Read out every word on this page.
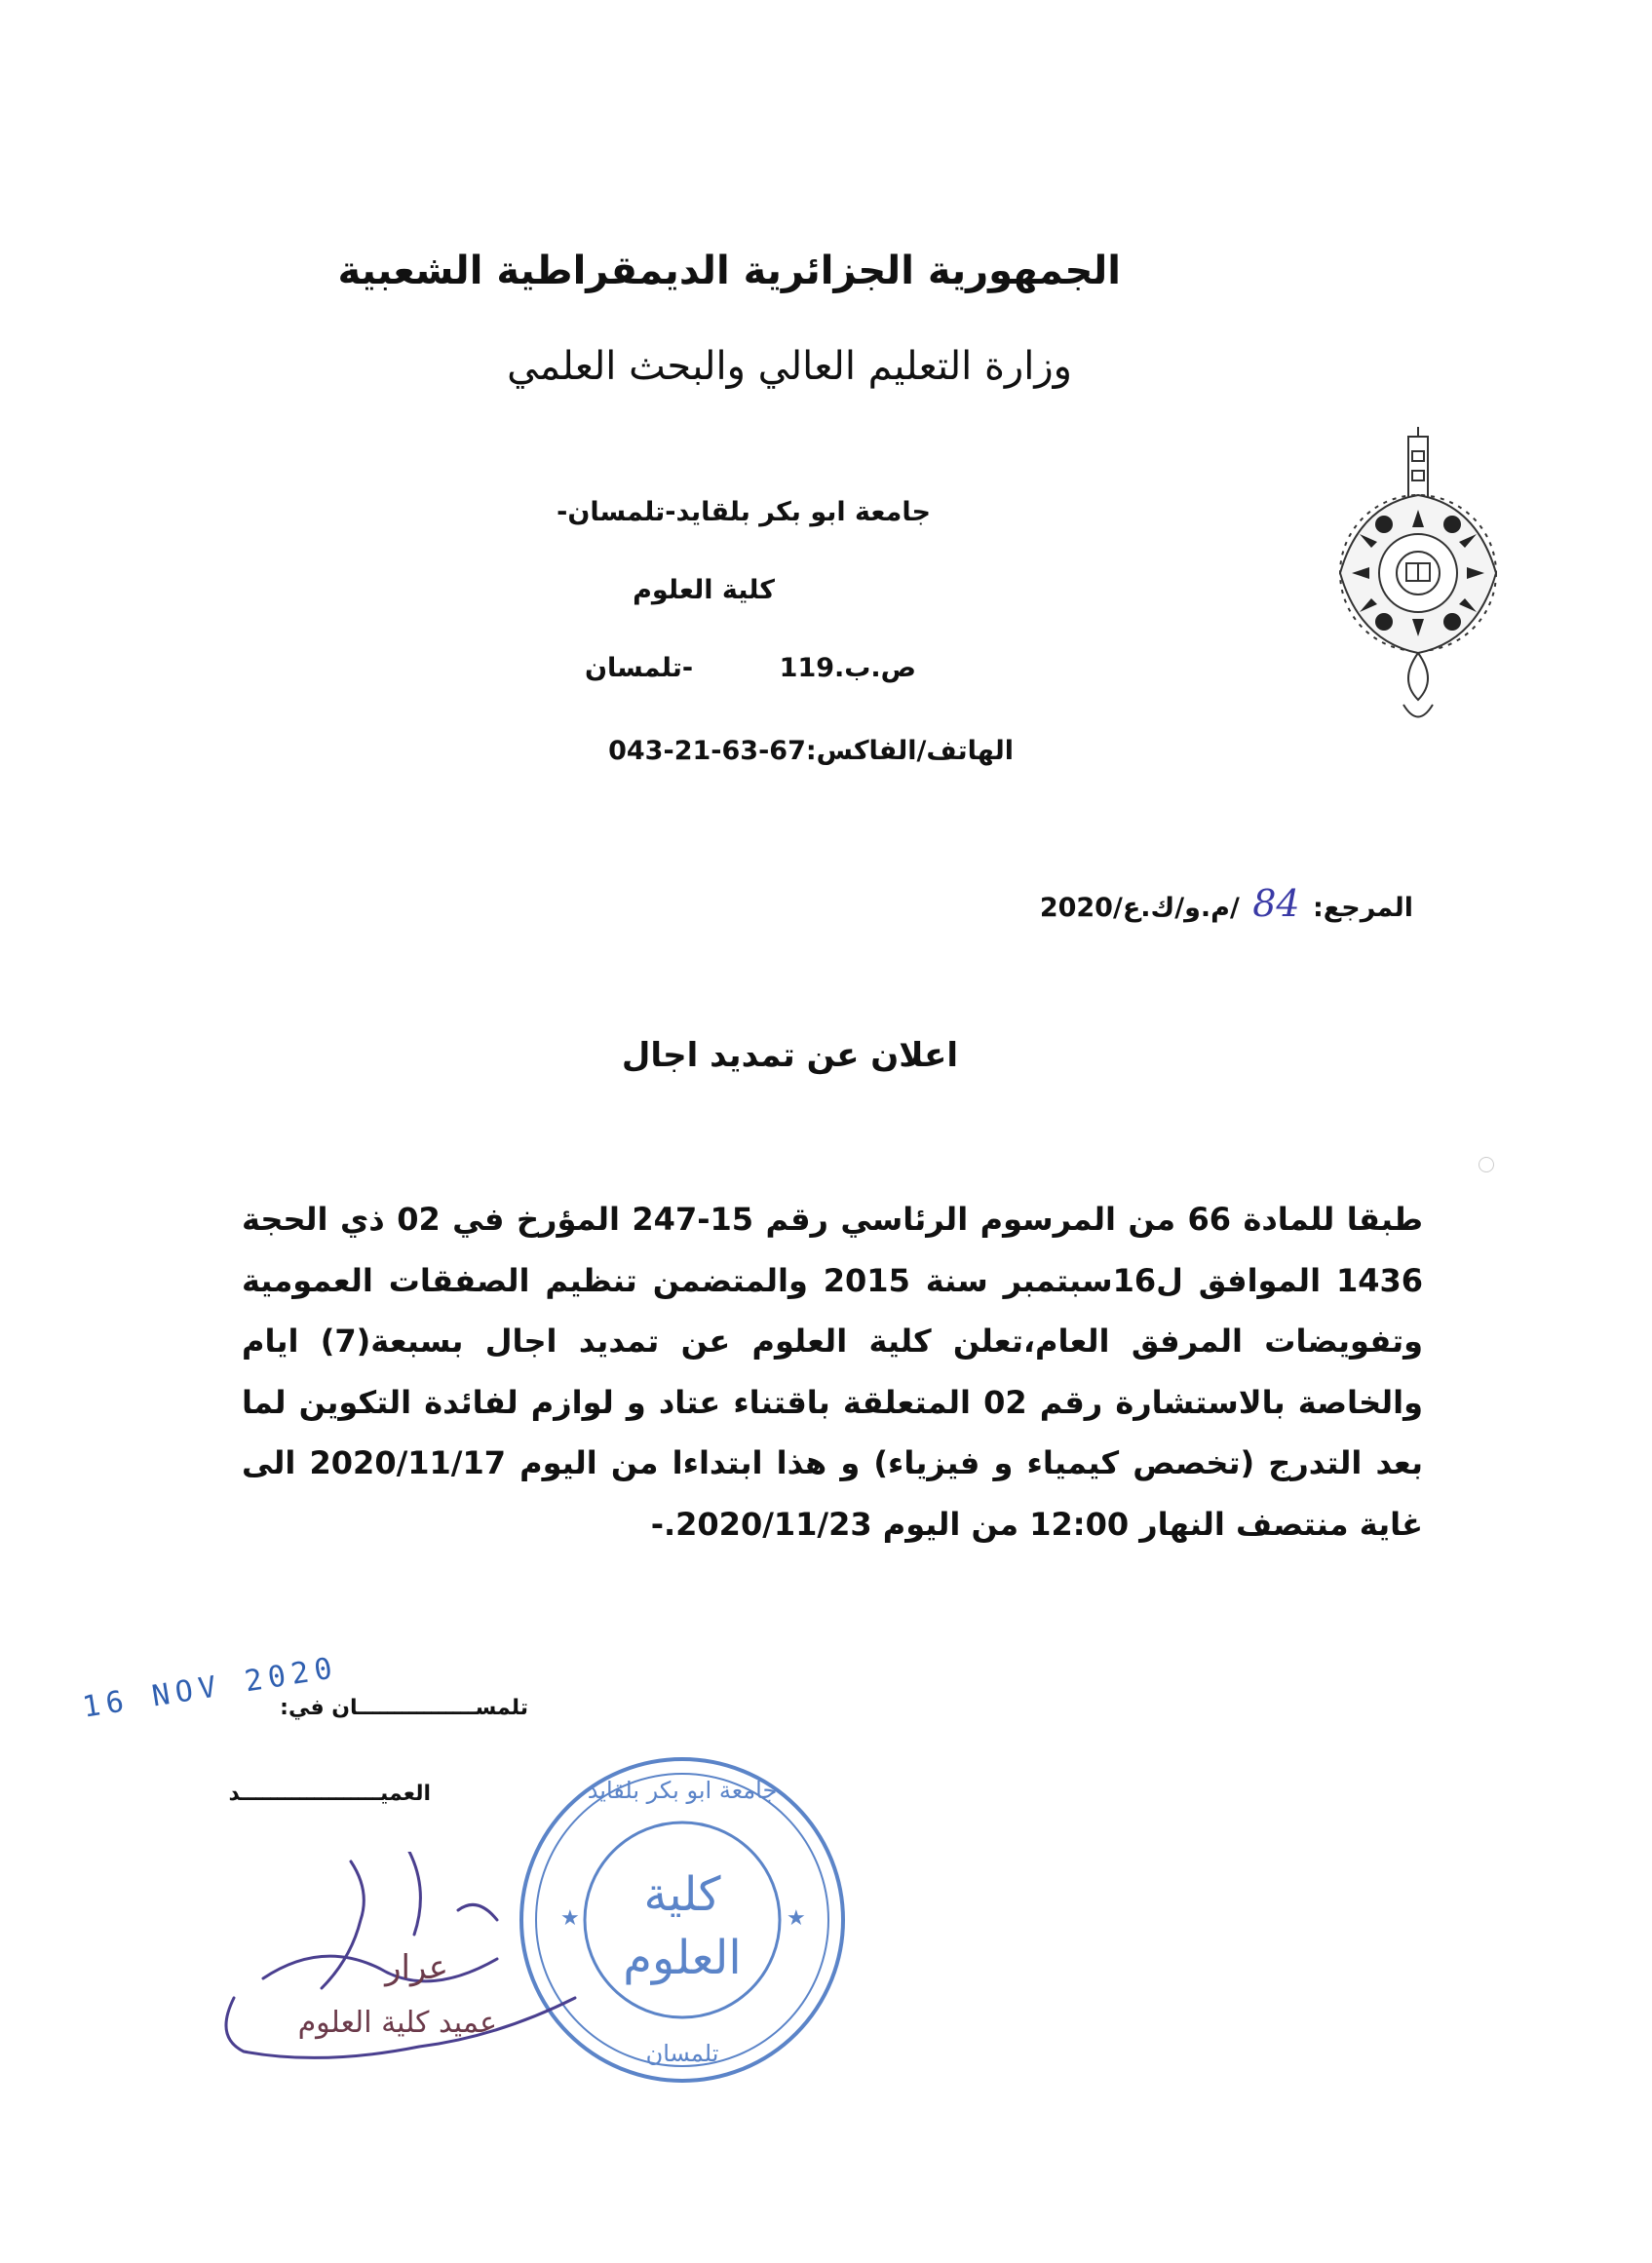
الجمهورية الجزائرية الديمقراطية الشعبية
وزارة التعليم العالي والبحث العلمي
جامعة ابو بكر بلقايد-تلمسان-
كلية العلوم
ص.ب.119
-تلمسان
الهاتف/الفاكس:67-63-21-043
المرجع: 84 /م.و/ك.ع/2020
اعلان عن تمديد اجال
طبقا للمادة 66 من المرسوم الرئاسي رقم 15-247 المؤرخ في 02 ذي الحجة 1436 الموافق ل16سبتمبر سنة 2015 والمتضمن تنظيم الصفقات العمومية وتفويضات المرفق العام،تعلن كلية العلوم عن تمديد اجال بسبعة(7) ايام والخاصة بالاستشارة رقم 02 المتعلقة باقتناء عتاد و لوازم لفائدة التكوين لما بعد التدرج (تخصص كيمياء و فيزياء) و هذا ابتداءا من اليوم 2020/11/17 الى غاية منتصف النهار 12:00 من اليوم 2020/11/23.-
تلمســــــــــــــــان في:
16 NOV 2020
العميـــــــــــــــــــد
★	★
كلية
العلوم
جامعة ابو بكر بلقايد
تلمسان
عرار
عميد كلية العلوم
